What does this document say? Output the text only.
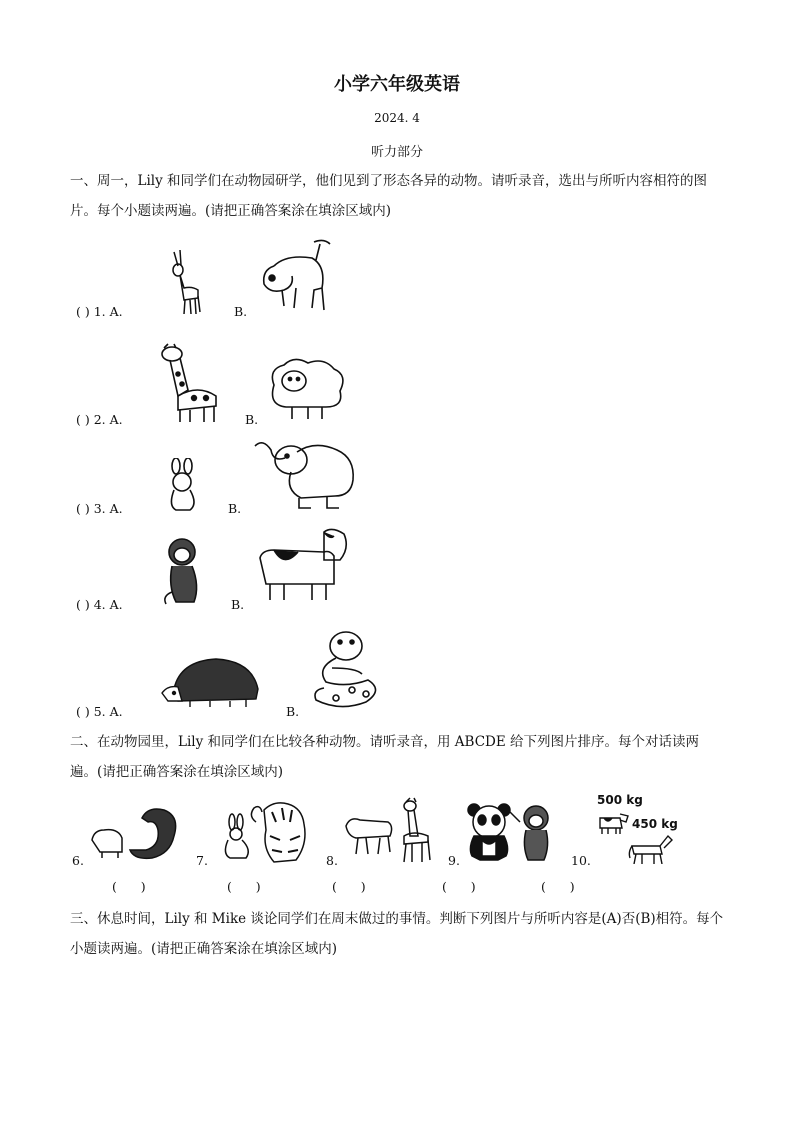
小学六年级英语
2024. 4
听力部分
一、周一，Lily 和同学们在动物园研学，他们见到了形态各异的动物。请听录音，选出与所听内容相符的图片。每个小题读两遍。(请把正确答案涂在填涂区域内)
( ) 1. A.	B.
( ) 2. A.	B.
( ) 3. A.	B.
( ) 4. A.	B.
( ) 5. A.	B.
二、在动物园里，Lily 和同学们在比较各种动物。请听录音，用 ABCDE 给下列图片排序。每个对话读两遍。(请把正确答案涂在填涂区域内)
6.
(      )
7.
(      )
8.
(      )
9.
(      )
10.
500 kg
450 kg
(      )
三、休息时间，Lily 和 Mike 谈论同学们在周末做过的事情。判断下列图片与所听内容是(A)否(B)相符。每个小题读两遍。(请把正确答案涂在填涂区域内)
